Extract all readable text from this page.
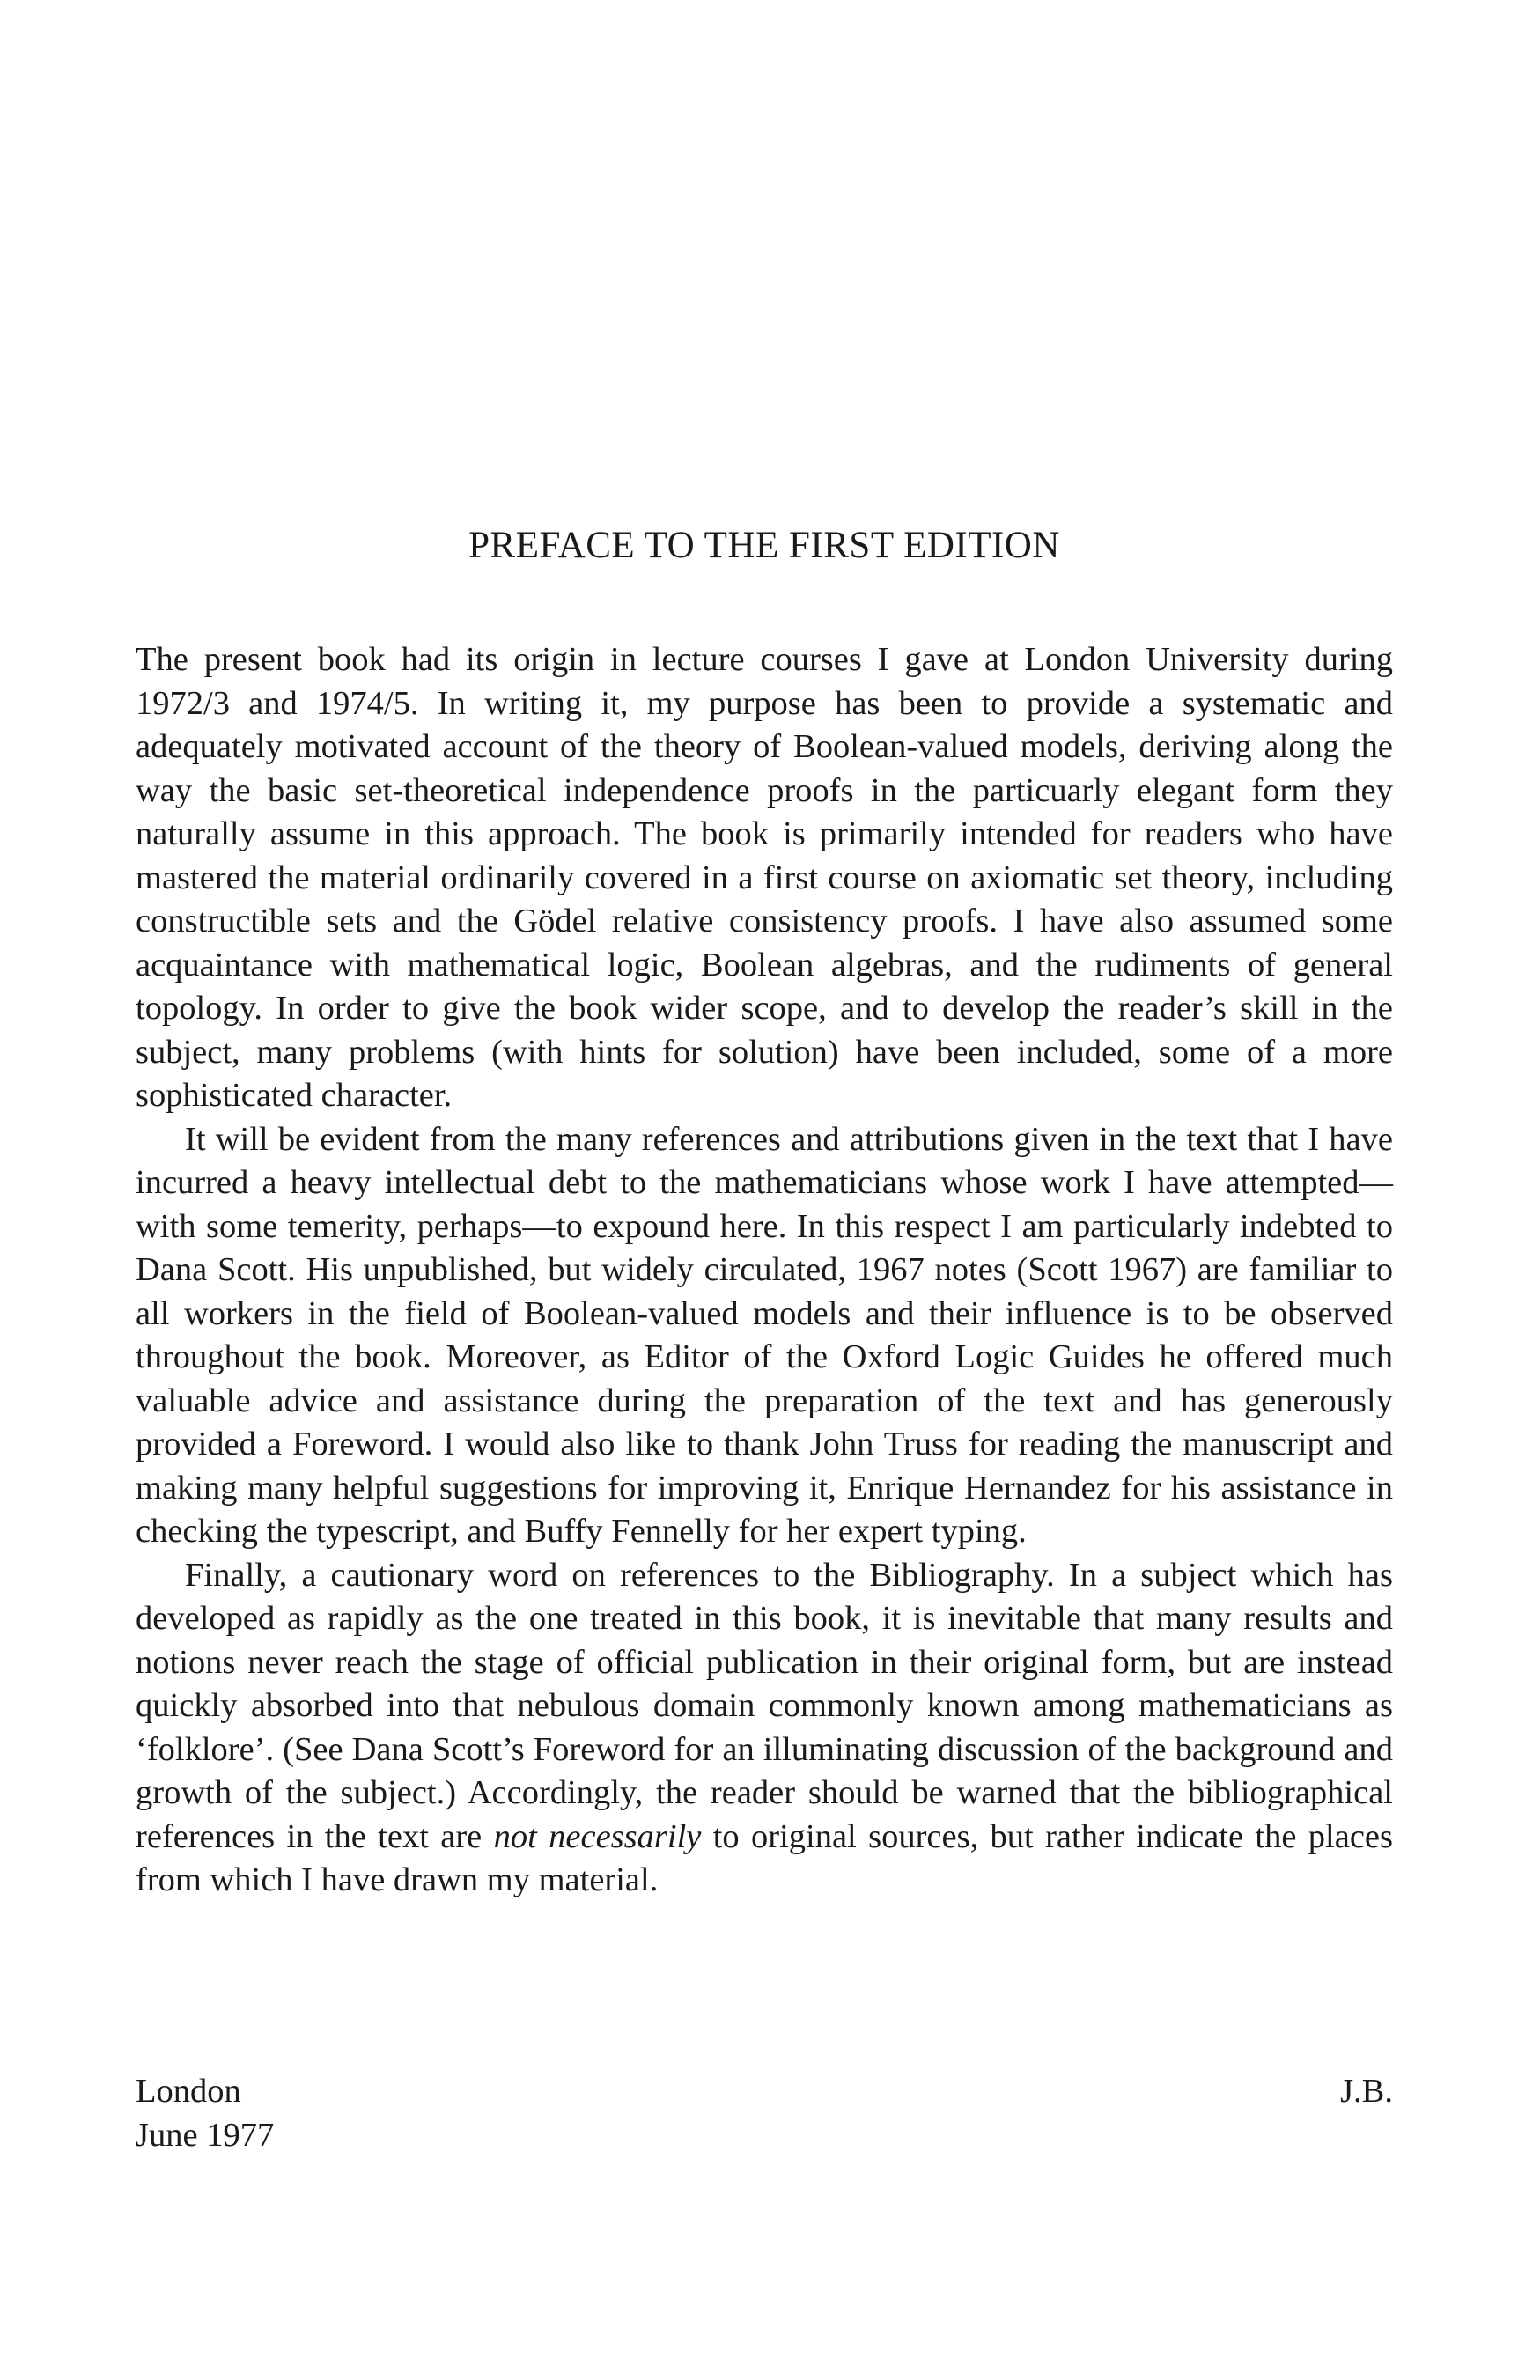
PREFACE TO THE FIRST EDITION

The present book had its origin in lecture courses I gave at London University during 1972/3 and 1974/5. In writing it, my purpose has been to provide a systematic and adequately motivated account of the theory of Boolean-valued models, deriving along the way the basic set-theoretical independence proofs in the particuarly elegant form they naturally assume in this approach. The book is primarily intended for readers who have mastered the material ordinarily covered in a first course on axiomatic set theory, including constructible sets and the Gödel relative consistency proofs. I have also assumed some acquaintance with mathematical logic, Boolean algebras, and the rudiments of general topology. In order to give the book wider scope, and to develop the reader’s skill in the subject, many problems (with hints for solution) have been included, some of a more sophisticated character.

It will be evident from the many references and attributions given in the text that I have incurred a heavy intellectual debt to the mathematicians whose work I have attempted—with some temerity, perhaps—to expound here. In this respect I am particularly indebted to Dana Scott. His unpublished, but widely circulated, 1967 notes (Scott 1967) are familiar to all workers in the field of Boolean-valued models and their influence is to be observed throughout the book. Moreover, as Editor of the Oxford Logic Guides he offered much valuable advice and assistance during the preparation of the text and has generously provided a Foreword. I would also like to thank John Truss for reading the manuscript and making many helpful suggestions for improving it, Enrique Hernandez for his assistance in checking the typescript, and Buffy Fennelly for her expert typing.

Finally, a cautionary word on references to the Bibliography. In a subject which has developed as rapidly as the one treated in this book, it is inevitable that many results and notions never reach the stage of official publication in their original form, but are instead quickly absorbed into that nebulous domain commonly known among mathematicians as ‘folklore’. (See Dana Scott’s Foreword for an illuminating discussion of the background and growth of the subject.) Accordingly, the reader should be warned that the bibliographical references in the text are not necessarily to original sources, but rather indicate the places from which I have drawn my material.

London
June 1977
J.B.
